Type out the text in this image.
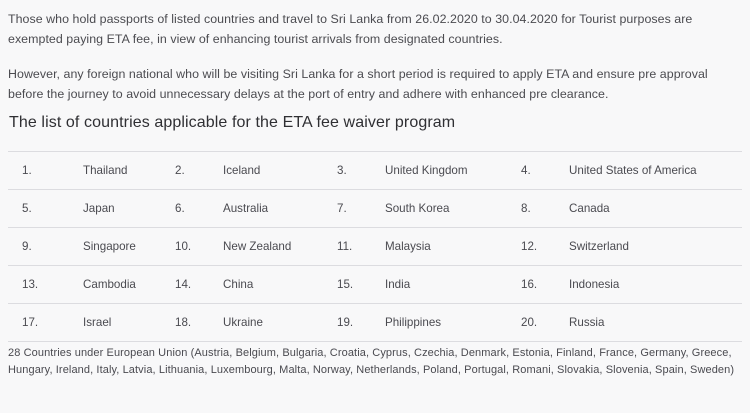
Those who hold passports of listed countries and travel to Sri Lanka from 26.02.2020 to 30.04.2020 for Tourist purposes are exempted paying ETA fee, in view of enhancing tourist arrivals from designated countries.
However, any foreign national who will be visiting Sri Lanka for a short period is required to apply ETA and ensure pre approval before the journey to avoid unnecessary delays at the port of entry and adhere with enhanced pre clearance.
The list of countries applicable for the ETA fee waiver program
1.	Thailand	2.	Iceland	3.	United Kingdom	4.	United States of America
5.	Japan	6.	Australia	7.	South Korea	8.	Canada
9.	Singapore	10.	New Zealand	11.	Malaysia	12.	Switzerland
13.	Cambodia	14.	China	15.	India	16.	Indonesia
17.	Israel	18.	Ukraine	19.	Philippines	20.	Russia
28 Countries under European Union (Austria, Belgium, Bulgaria, Croatia, Cyprus, Czechia, Denmark, Estonia, Finland, France, Germany, Greece, Hungary, Ireland, Italy, Latvia, Lithuania, Luxembourg, Malta, Norway, Netherlands, Poland, Portugal, Romani, Slovakia, Slovenia, Spain, Sweden)
